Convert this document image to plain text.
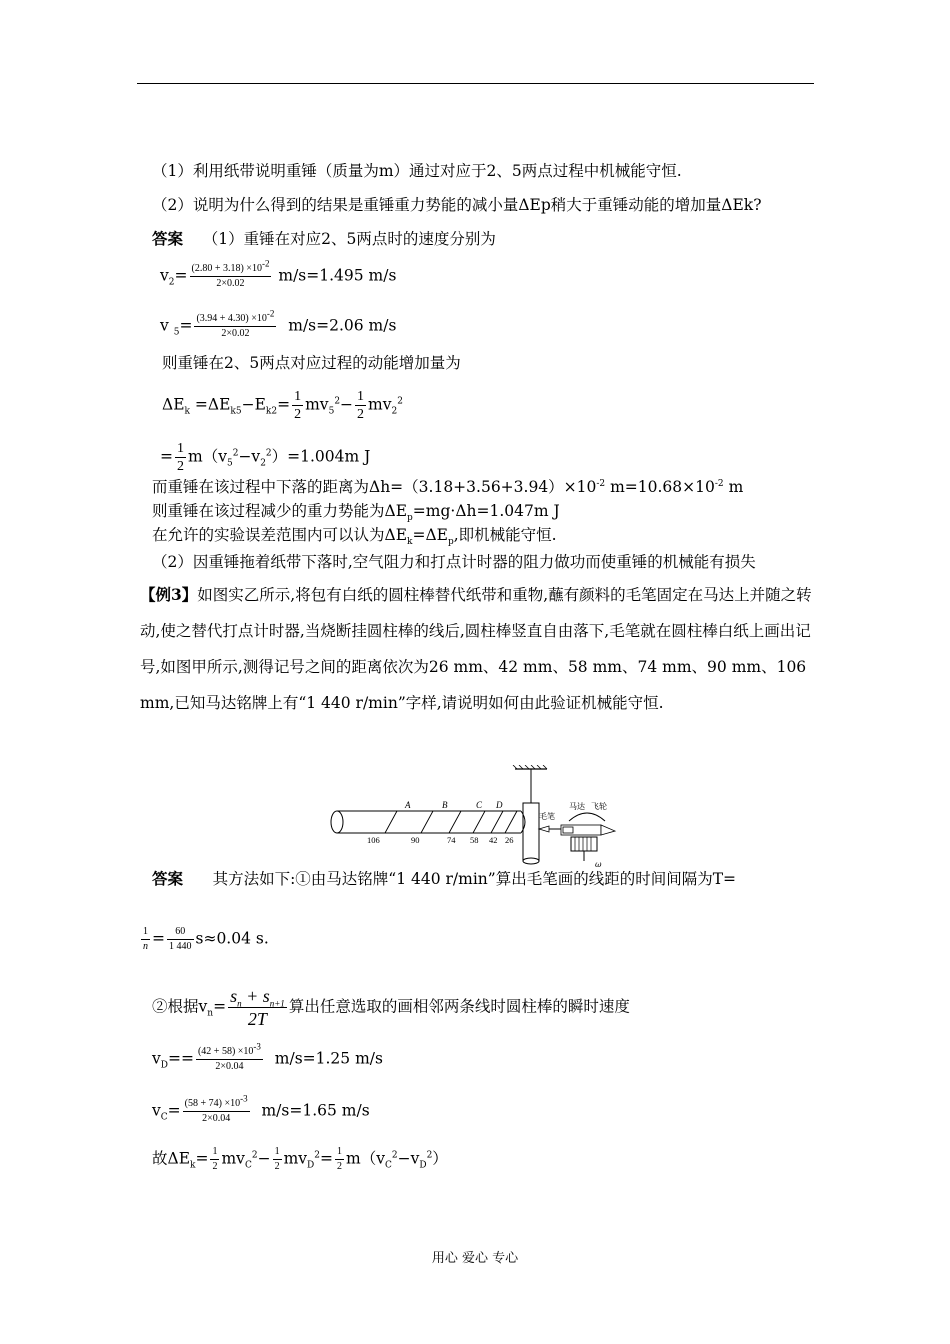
（1）利用纸带说明重锤（质量为m）通过对应于2、5两点过程中机械能守恒.
（2）说明为什么得到的结果是重锤重力势能的减小量ΔEp稍大于重锤动能的增加量ΔEk?
答案 （1）重锤在对应2、5两点时的速度分别为
$v_2= \frac{(2.80 + 3.18) \times 10^{-2}}{2\times 0.02} m/s=1.495$ m/s
v $_5= \frac{(3.94 + 4.30) \times 10^{-2}}{2\times 0.02} m/s=2.06$ m/s
则重锤在2、5两点对应过程的动能增加量为
$\Delta E_k =\Delta E_{k5}-E_{k2}= \frac{1}{2} mv_5^2- \frac{1}{2} mv_2^2$
= $\frac{1}{2} m(v_5^2-v_2^2)=1.004m$ J
而重锤在该过程中下落的距离为$\Delta h=(3.18+3.56+3.94)\times 10^{-2}$ $m=10.68\times 10^{-2}$ m
则重锤在该过程减少的重力势能为$\Delta E_p=mg\cdot\Delta h=1.047m$ J
在允许的实验误差范围内可以认为$\Delta E_k=\Delta E_p$,即机械能守恒.
（2）因重锤拖着纸带下落时,空气阻力和打点计时器的阻力做功而使重锤的机械能有损失
【例3】如图实乙所示,将包有白纸的圆柱棒替代纸带和重物,蘸有颜料的毛笔固定在马达上并随之转动,使之替代打点计时器,当烧断挂圆柱棒的线后,圆柱棒竖直自由落下,毛笔就在圆柱棒白纸上画出记号,如图甲所示,测得记号之间的距离依次为26 mm、42 mm、58 mm、74 mm、90 mm、106 mm,已知马达铭牌上有“1 440 r/min”字样,请说明如何由此验证机械能守恒.
A	B	C D
106	90	74 58 42 26
毛笔
马达 飞轮
ω
答案 其方法如下:①由马达铭牌“1 440 r/min”算出毛笔画的线距的时间间隔为T=
$\frac{1}{n} = \frac{60}{1 440} s\approx 0.04$ s.
②根据$v_n= \frac{s_n + s_{n+1}}{2T}$ 算出任意选取的画相邻两条线时圆柱棒的瞬时速度
$v_D== \frac{(42 + 58) \times 10^{-3}}{2\times 0.04} m/s=1.25$ m/s
$v_C= \frac{(58 + 74) \times 10^{-3}}{2\times 0.04} m/s=1.65$ m/s
故$\Delta E_k= \frac{1}{2} mv_C^2- \frac{1}{2} mv_D^2= \frac{1}{2} m(v_C^2-v_D^2)$
用心 爱心 专心
